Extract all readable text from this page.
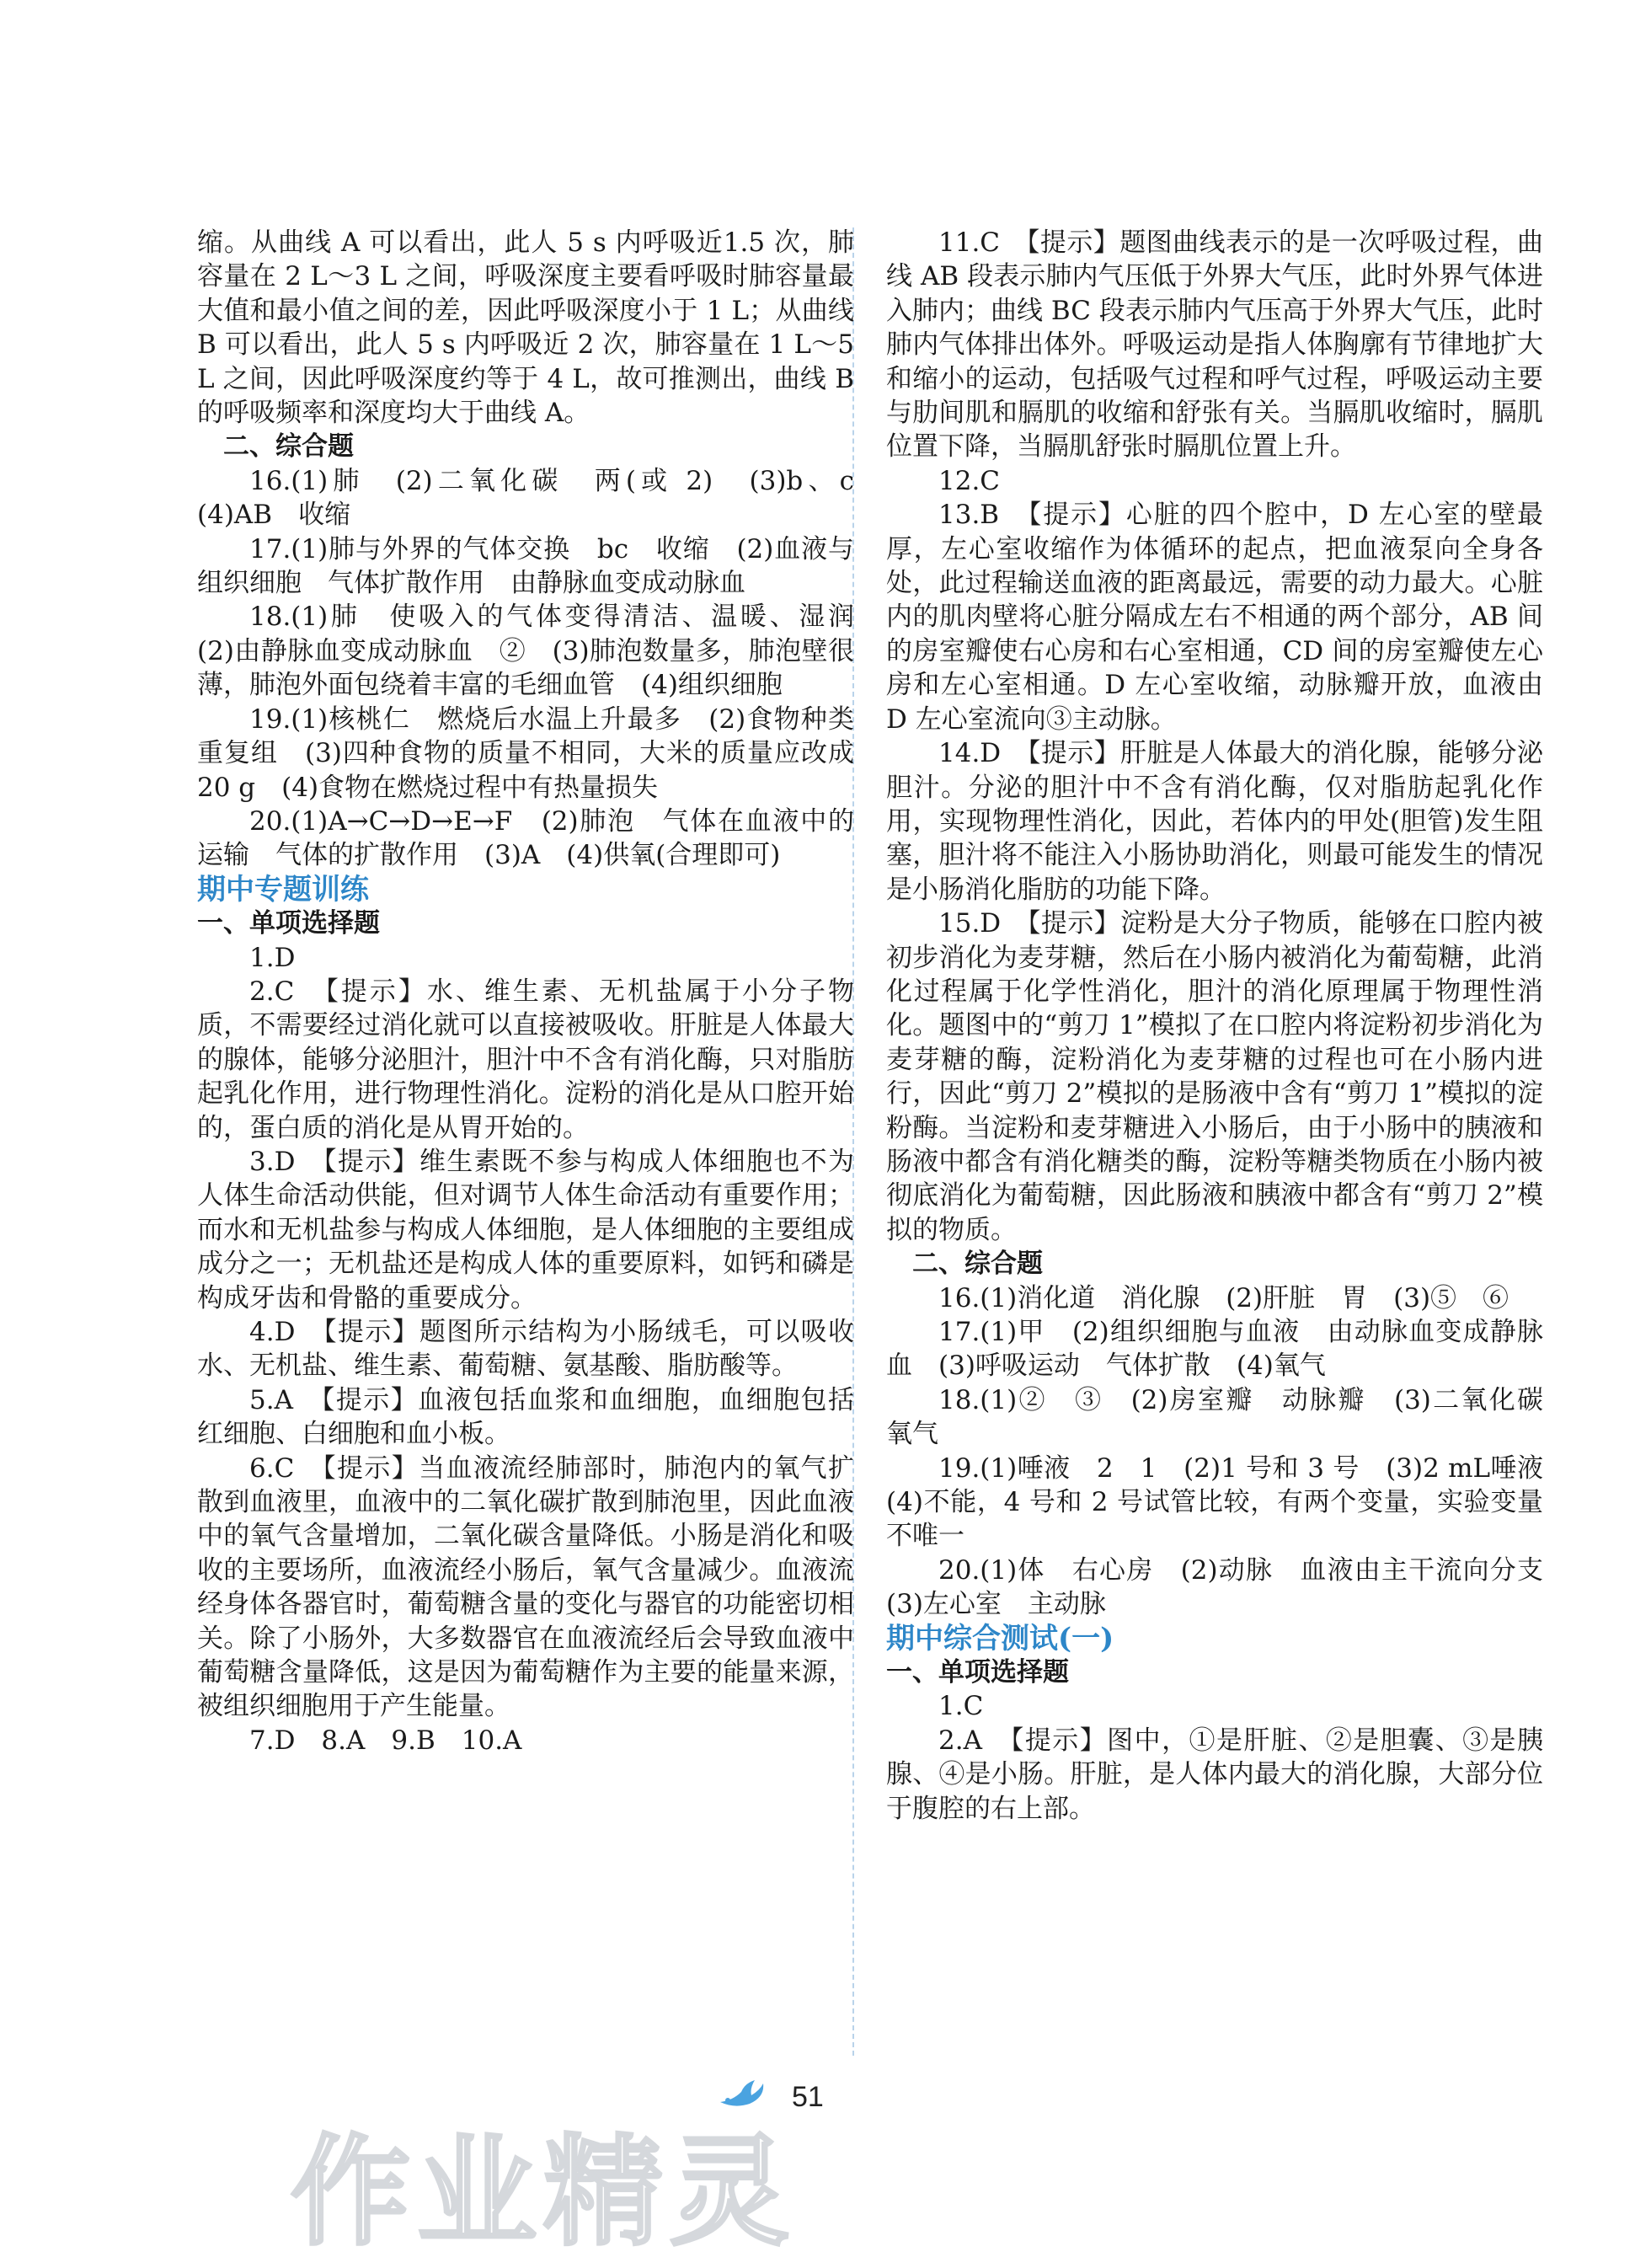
缩。从曲线 A 可以看出，此人 5 s 内呼吸近1.5 次，肺容量在 2 L～3 L 之间，呼吸深度主要看呼吸时肺容量最大值和最小值之间的差，因此呼吸深度小于 1 L；从曲线 B 可以看出，此人 5 s 内呼吸近 2 次，肺容量在 1 L～5 L 之间，因此呼吸深度约等于 4 L，故可推测出，曲线 B 的呼吸频率和深度均大于曲线 A。

二、综合题

16.(1)肺　(2)二氧化碳　两(或 2)　(3)b、c　(4)AB　收缩

17.(1)肺与外界的气体交换　bc　收缩　(2)血液与组织细胞　气体扩散作用　由静脉血变成动脉血

18.(1)肺　使吸入的气体变得清洁、温暖、湿润　(2)由静脉血变成动脉血　②　(3)肺泡数量多，肺泡壁很薄，肺泡外面包绕着丰富的毛细血管　(4)组织细胞

19.(1)核桃仁　燃烧后水温上升最多　(2)食物种类　重复组　(3)四种食物的质量不相同，大米的质量应改成20 g　(4)食物在燃烧过程中有热量损失

20.(1)A→C→D→E→F　(2)肺泡　气体在血液中的运输　气体的扩散作用　(3)A　(4)供氧(合理即可)

期中专题训练

一、单项选择题

1.D

2.C　【提示】水、维生素、无机盐属于小分子物质，不需要经过消化就可以直接被吸收。肝脏是人体最大的腺体，能够分泌胆汁，胆汁中不含有消化酶，只对脂肪起乳化作用，进行物理性消化。淀粉的消化是从口腔开始的，蛋白质的消化是从胃开始的。

3.D　【提示】维生素既不参与构成人体细胞也不为人体生命活动供能，但对调节人体生命活动有重要作用；而水和无机盐参与构成人体细胞，是人体细胞的主要组成成分之一；无机盐还是构成人体的重要原料，如钙和磷是构成牙齿和骨骼的重要成分。

4.D　【提示】题图所示结构为小肠绒毛，可以吸收水、无机盐、维生素、葡萄糖、氨基酸、脂肪酸等。

5.A　【提示】血液包括血浆和血细胞，血细胞包括红细胞、白细胞和血小板。

6.C　【提示】当血液流经肺部时，肺泡内的氧气扩散到血液里，血液中的二氧化碳扩散到肺泡里，因此血液中的氧气含量增加，二氧化碳含量降低。小肠是消化和吸收的主要场所，血液流经小肠后，氧气含量减少。血液流经身体各器官时，葡萄糖含量的变化与器官的功能密切相关。除了小肠外，大多数器官在血液流经后会导致血液中葡萄糖含量降低，这是因为葡萄糖作为主要的能量来源，被组织细胞用于产生能量。

7.D　8.A　9.B　10.A

11.C　【提示】题图曲线表示的是一次呼吸过程，曲线 AB 段表示肺内气压低于外界大气压，此时外界气体进入肺内；曲线 BC 段表示肺内气压高于外界大气压，此时肺内气体排出体外。呼吸运动是指人体胸廓有节律地扩大和缩小的运动，包括吸气过程和呼气过程，呼吸运动主要与肋间肌和膈肌的收缩和舒张有关。当膈肌收缩时，膈肌位置下降，当膈肌舒张时膈肌位置上升。

12.C

13.B　【提示】心脏的四个腔中，D 左心室的壁最厚，左心室收缩作为体循环的起点，把血液泵向全身各处，此过程输送血液的距离最远，需要的动力最大。心脏内的肌肉壁将心脏分隔成左右不相通的两个部分，AB 间的房室瓣使右心房和右心室相通，CD 间的房室瓣使左心房和左心室相通。D 左心室收缩，动脉瓣开放，血液由 D 左心室流向③主动脉。

14.D　【提示】肝脏是人体最大的消化腺，能够分泌胆汁。分泌的胆汁中不含有消化酶，仅对脂肪起乳化作用，实现物理性消化，因此，若体内的甲处(胆管)发生阻塞，胆汁将不能注入小肠协助消化，则最可能发生的情况是小肠消化脂肪的功能下降。

15.D　【提示】淀粉是大分子物质，能够在口腔内被初步消化为麦芽糖，然后在小肠内被消化为葡萄糖，此消化过程属于化学性消化，胆汁的消化原理属于物理性消化。题图中的“剪刀 1”模拟了在口腔内将淀粉初步消化为麦芽糖的酶，淀粉消化为麦芽糖的过程也可在小肠内进行，因此“剪刀 2”模拟的是肠液中含有“剪刀 1”模拟的淀粉酶。当淀粉和麦芽糖进入小肠后，由于小肠中的胰液和肠液中都含有消化糖类的酶，淀粉等糖类物质在小肠内被彻底消化为葡萄糖，因此肠液和胰液中都含有“剪刀 2”模拟的物质。

二、综合题

16.(1)消化道　消化腺　(2)肝脏　胃　(3)⑤　⑥

17.(1)甲　(2)组织细胞与血液　由动脉血变成静脉血　(3)呼吸运动　气体扩散　(4)氧气

18.(1)②　③　(2)房室瓣　动脉瓣　(3)二氧化碳　氧气

19.(1)唾液　2　1　(2)1 号和 3 号　(3)2 mL唾液　(4)不能，4 号和 2 号试管比较，有两个变量，实验变量不唯一

20.(1)体　右心房　(2)动脉　血液由主干流向分支　(3)左心室　主动脉

期中综合测试(一)

一、单项选择题

1.C

2.A　【提示】图中，①是肝脏、②是胆囊、③是胰腺、④是小肠。肝脏，是人体内最大的消化腺，大部分位于腹腔的右上部。

51
作业精灵
